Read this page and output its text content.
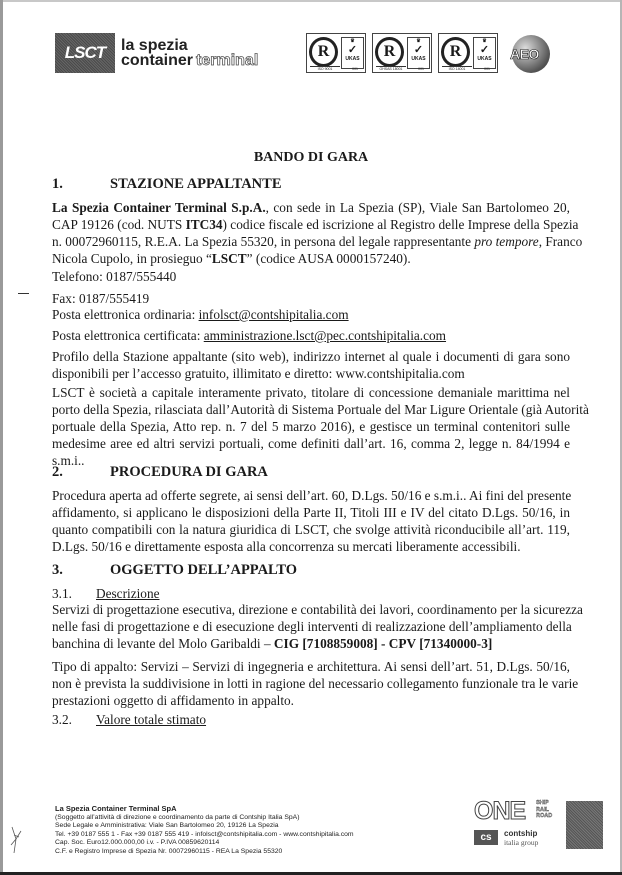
LSCT la spezia
container terminal
R
♛
✓
UKAS
ISO 9001	001
R
♛
✓
UKAS
OHSAS 18001	001
R
♛
✓
UKAS
ISO 14001	001
AEO
BANDO DI GARA
1.	STAZIONE APPALTANTE
La Spezia Container Terminal S.p.A., con sede in La Spezia (SP), Viale San Bartolomeo 20,
CAP 19126 (cod. NUTS ITC34) codice fiscale ed iscrizione al Registro delle Imprese della Spezia
n. 00072960115, R.E.A. La Spezia 55320, in persona del legale rappresentante pro tempore, Franco
Nicola Cupolo, in prosieguo “LSCT” (codice AUSA 0000157240).
Telefono: 0187/555440
Fax: 0187/555419
Posta elettronica ordinaria: infolsct@contshipitalia.com
Posta elettronica certificata: amministrazione.lsct@pec.contshipitalia.com
Profilo della Stazione appaltante (sito web), indirizzo internet al quale i documenti di gara sono
disponibili per l’accesso gratuito, illimitato e diretto: www.contshipitalia.com
LSCT è società a capitale interamente privato, titolare di concessione demaniale marittima nel
porto della Spezia, rilasciata dall’Autorità di Sistema Portuale del Mar Ligure Orientale (già Autorità
portuale della Spezia, Atto rep. n. 7 del 5 marzo 2016), e gestisce un terminal contenitori sulle
medesime aree ed altri servizi portuali, come definiti dall’art. 16, comma 2, legge n. 84/1994 e
s.m.i..
2.	PROCEDURA DI GARA
Procedura aperta ad offerte segrete, ai sensi dell’art. 60, D.Lgs. 50/16 e s.m.i.. Ai fini del presente
affidamento, si applicano le disposizioni della Parte II, Titoli III e IV del citato D.Lgs. 50/16, in
quanto compatibili con la natura giuridica di LSCT, che svolge attività riconducibile all’art. 119,
D.Lgs. 50/16 e direttamente esposta alla concorrenza su mercati liberamente accessibili.
3.	OGGETTO DELL’APPALTO
3.1. Descrizione
Servizi di progettazione esecutiva, direzione e contabilità dei lavori, coordinamento per la sicurezza
nelle fasi di progettazione e di esecuzione degli interventi di realizzazione dell’ampliamento della
banchina di levante del Molo Garibaldi – CIG [7108859008] - CPV [71340000-3]
Tipo di appalto: Servizi – Servizi di ingegneria e architettura. Ai sensi dell’art. 51, D.Lgs. 50/16,
non è prevista la suddivisione in lotti in ragione del necessario collegamento funzionale tra le varie
prestazioni oggetto di affidamento in appalto.
3.2. Valore totale stimato
La Spezia Container Terminal SpA
(Soggetto all’attività di direzione e coordinamento da parte di Contship Italia SpA)
Sede Legale e Amministrativa: Viale San Bartolomeo 20, 19126 La Spezia
Tel. +39 0187 555 1 - Fax +39 0187 555 419 - infolsct@contshipitalia.com - www.contshipitalia.com
Cap. Soc. Euro12.000.000,00 i.v. - P.IVA 00859620114
C.F. e Registro Imprese di Spezia Nr. 00072960115 - REA La Spezia 55320
ONE SHIP
RAIL
ROAD
cs contship
italia group
